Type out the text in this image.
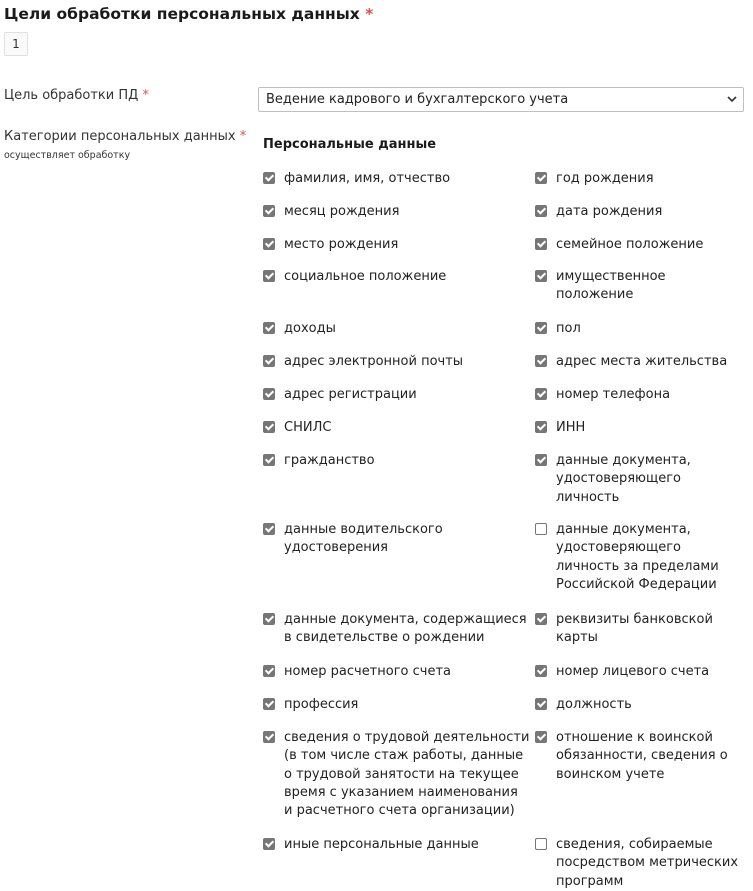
Цели обработки персональных данных *
1
Цель обработки ПД *	Ведение кадрового и бухгалтерского учета
Категории персональных данных *
осуществляет обработку
Персональные данные
фамилия, имя, отчество
месяц рождения
место рождения
социальное положение
доходы
адрес электронной почты
адрес регистрации
СНИЛС
гражданство
данные водительского
удостоверения
данные документа, содержащиеся
в свидетельстве о рождении
номер расчетного счета
профессия
сведения о трудовой деятельности
(в том числе стаж работы, данные
о трудовой занятости на текущее
время с указанием наименования
и расчетного счета организации)
иные персональные данные
год рождения
дата рождения
семейное положение
имущественное
положение
пол
адрес места жительства
номер телефона
ИНН
данные документа,
удостоверяющего
личность
данные документа,
удостоверяющего
личность за пределами
Российской Федерации
реквизиты банковской
карты
номер лицевого счета
должность
отношение к воинской
обязанности, сведения о
воинском учете
сведения, собираемые
посредством метрических
программ
